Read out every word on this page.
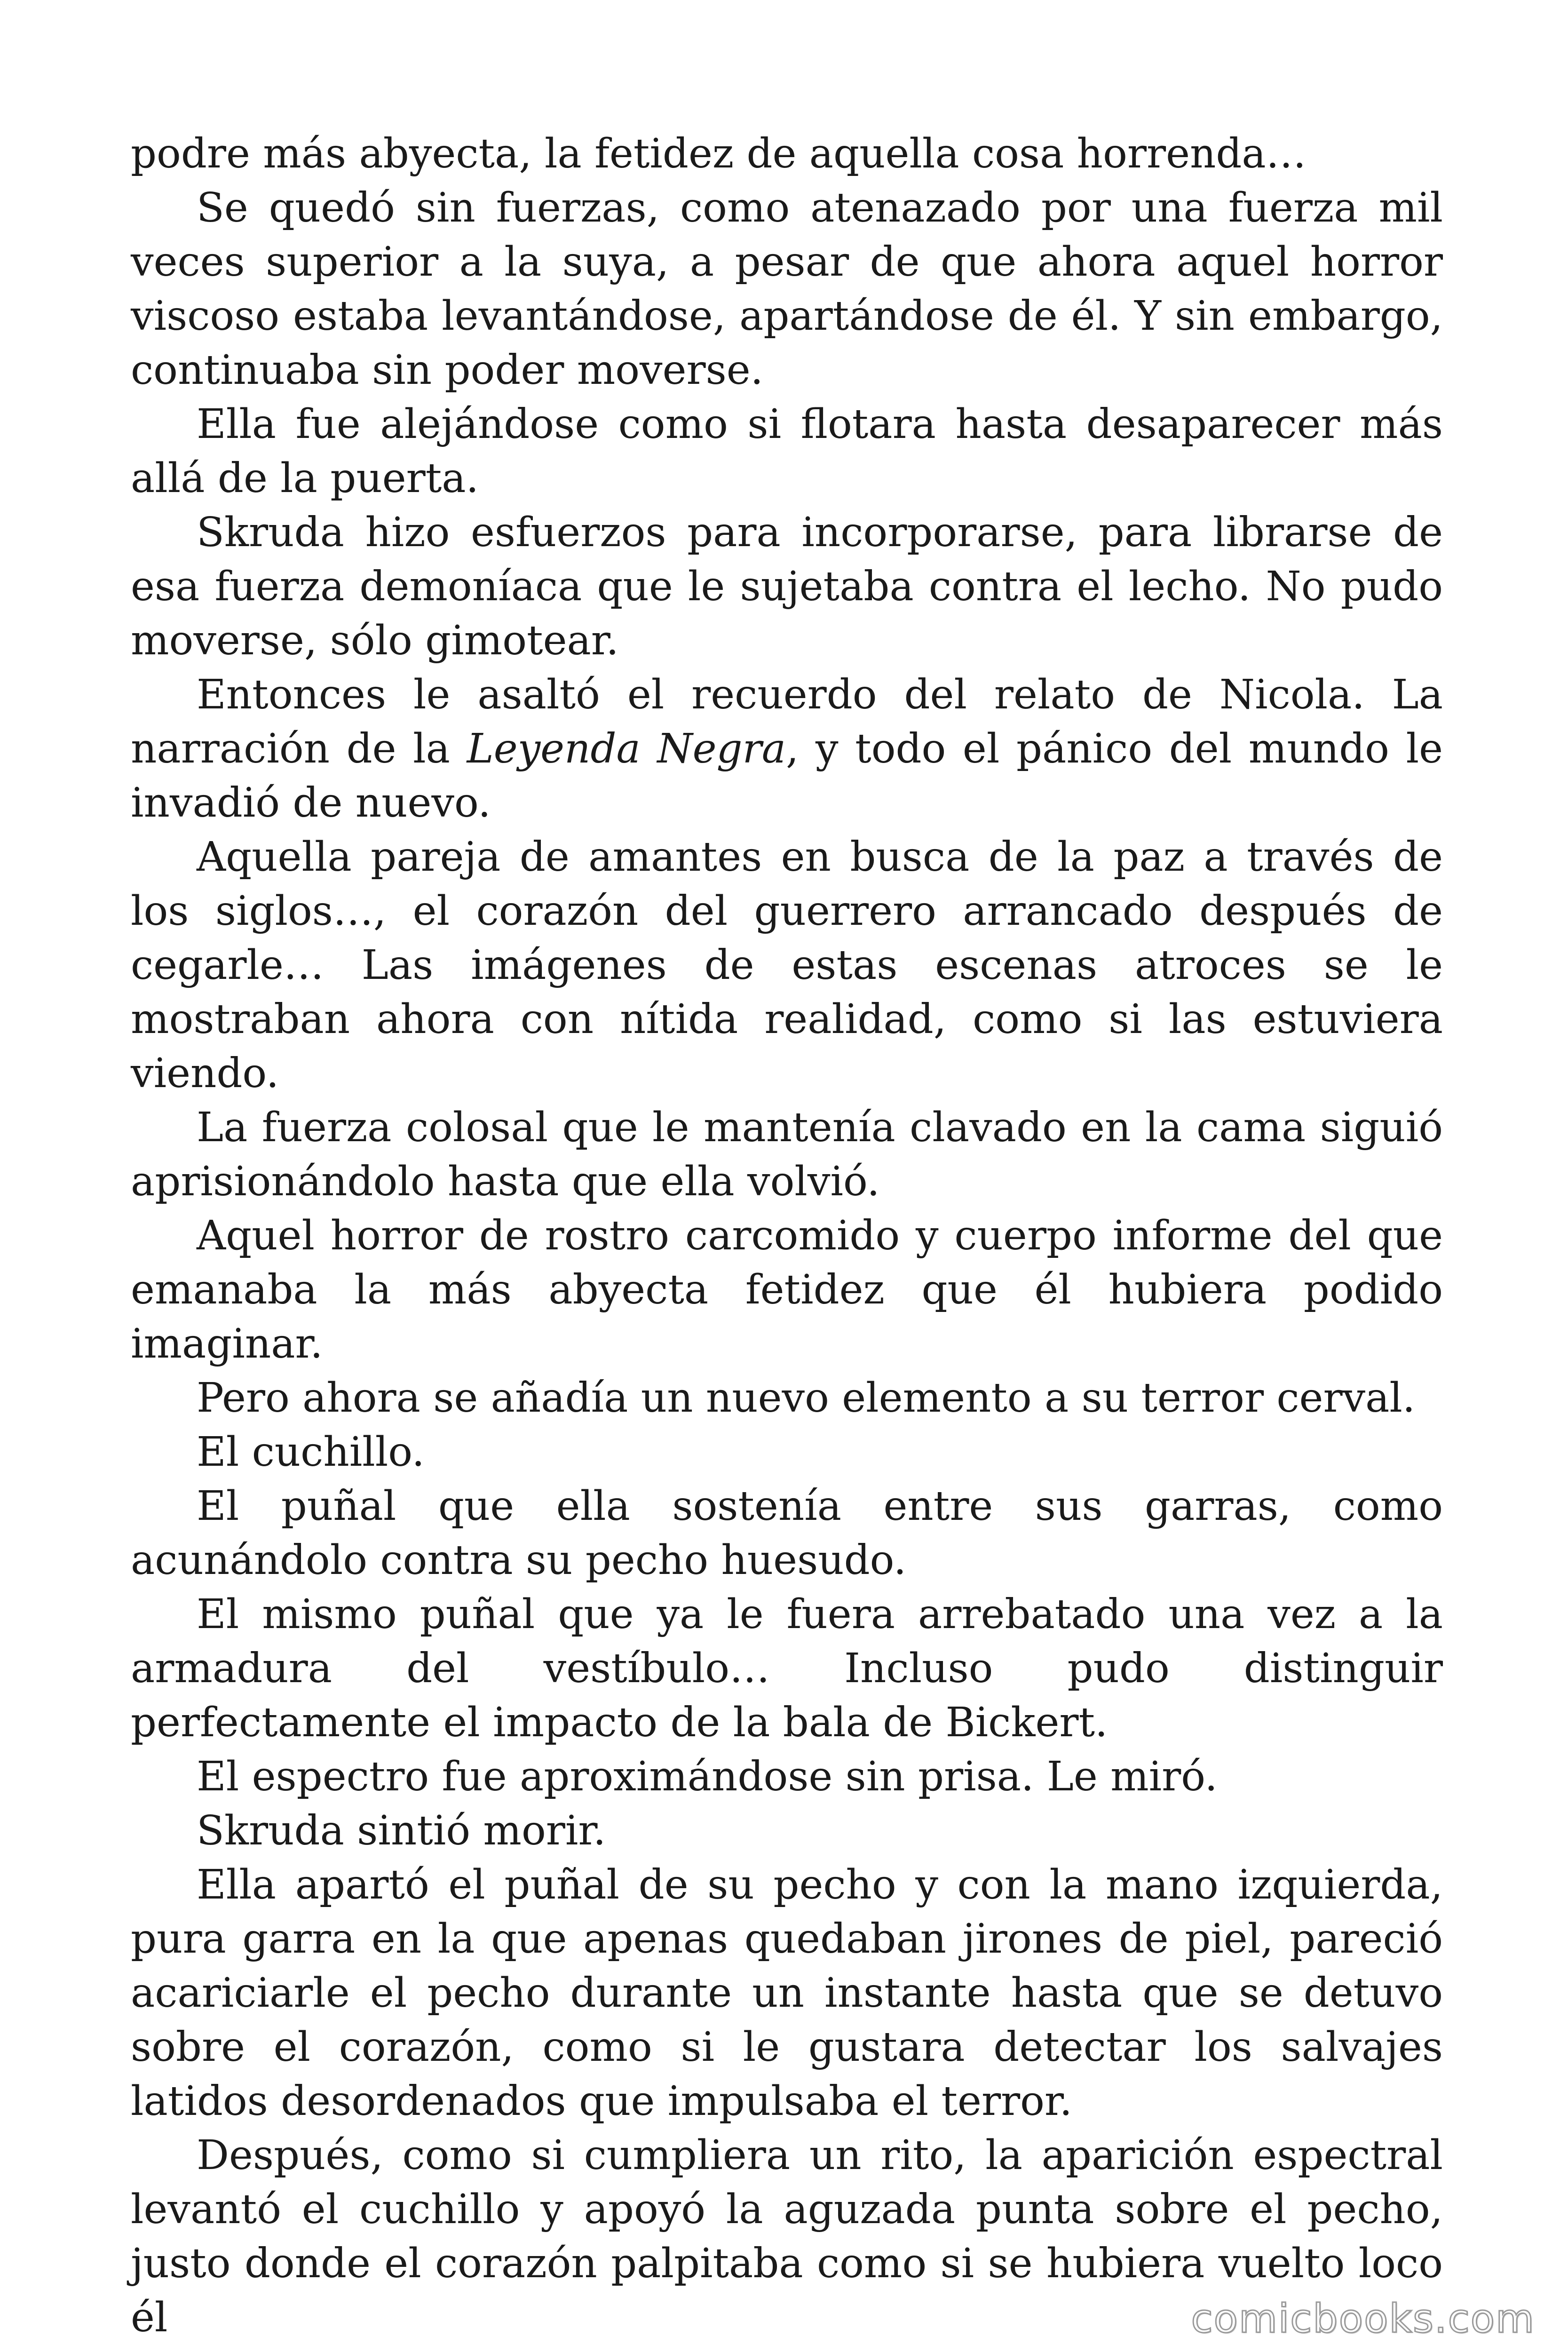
podre más abyecta, la fetidez de aquella cosa horrenda…

Se quedó sin fuerzas, como atenazado por una fuerza mil veces superior a la suya, a pesar de que ahora aquel horror viscoso estaba levantándose, apartándose de él. Y sin embargo, continuaba sin poder moverse.

Ella fue alejándose como si flotara hasta desaparecer más allá de la puerta.

Skruda hizo esfuerzos para incorporarse, para librarse de esa fuerza demoníaca que le sujetaba contra el lecho. No pudo moverse, sólo gimotear.

Entonces le asaltó el recuerdo del relato de Nicola. La narración de la Leyenda Negra, y todo el pánico del mundo le invadió de nuevo.

Aquella pareja de amantes en busca de la paz a través de los siglos…, el corazón del guerrero arrancado después de cegarle… Las imágenes de estas escenas atroces se le mostraban ahora con nítida realidad, como si las estuviera viendo.

La fuerza colosal que le mantenía clavado en la cama siguió aprisionándolo hasta que ella volvió.

Aquel horror de rostro carcomido y cuerpo informe del que emanaba la más abyecta fetidez que él hubiera podido imaginar.

Pero ahora se añadía un nuevo elemento a su terror cerval.

El cuchillo.

El puñal que ella sostenía entre sus garras, como acunándolo contra su pecho huesudo.

El mismo puñal que ya le fuera arrebatado una vez a la armadura del vestíbulo… Incluso pudo distinguir perfectamente el impacto de la bala de Bickert.

El espectro fue aproximándose sin prisa. Le miró.

Skruda sintió morir.

Ella apartó el puñal de su pecho y con la mano izquierda, pura garra en la que apenas quedaban jirones de piel, pareció acariciarle el pecho durante un instante hasta que se detuvo sobre el corazón, como si le gustara detectar los salvajes latidos desordenados que impulsaba el terror.

Después, como si cumpliera un rito, la aparición espectral levantó el cuchillo y apoyó la aguzada punta sobre el pecho, justo donde el corazón palpitaba como si se hubiera vuelto loco él	comicbooks.com
